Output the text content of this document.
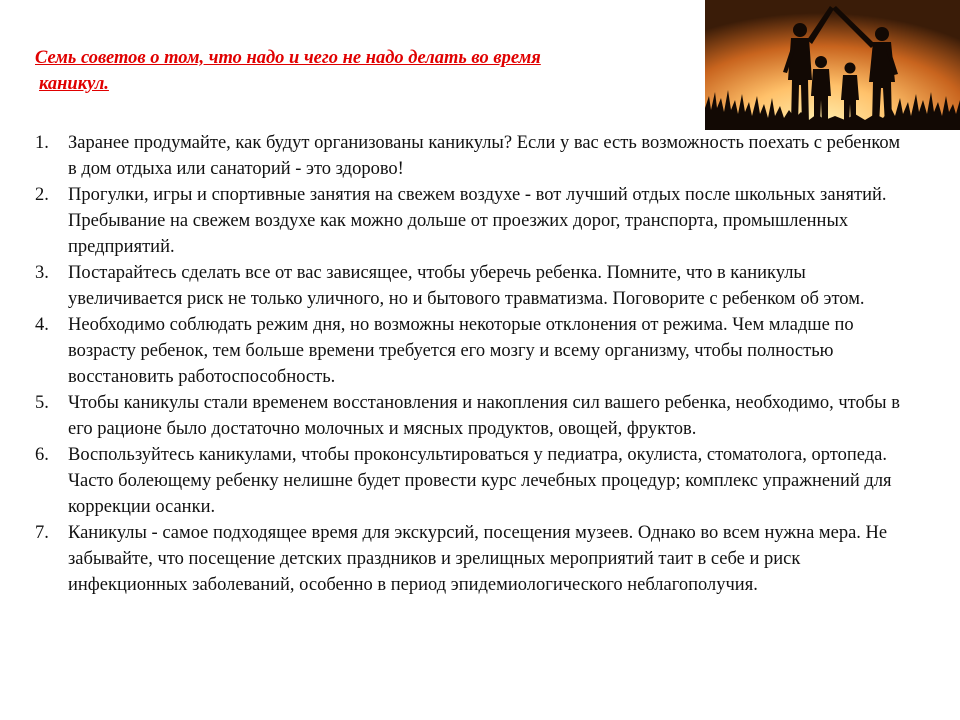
Семь советов о том, что надо и чего не надо делать во время
каникул.
1.	Заранее продумайте, как будут организованы каникулы? Если у вас есть возможность поехать с ребенком в дом отдыха или санаторий - это здорово!
2.	Прогулки, игры и спортивные занятия на свежем воздухе - вот лучший отдых после школьных занятий. Пребывание на свежем воздухе как можно дольше от проезжих дорог, транспорта, промышленных предприятий.
3.	Постарайтесь сделать все от вас зависящее, чтобы уберечь ребенка. Помните, что в каникулы увеличивается риск не только уличного, но и бытового травматизма. Поговорите с ребенком об этом.
4.	Необходимо соблюдать режим дня, но возможны некоторые отклонения от режима. Чем младше по возрасту ребенок, тем больше времени требуется его мозгу и всему организму, чтобы полностью восстановить работоспособность.
5.	Чтобы каникулы стали временем восстановления и накопления сил вашего ребенка, необходимо, чтобы в его рационе было достаточно молочных и мясных продуктов, овощей, фруктов.
6.	Воспользуйтесь каникулами, чтобы проконсультироваться у педиатра, окулиста, стоматолога, ортопеда. Часто болеющему ребенку нелишне будет провести курс лечебных процедур; комплекс упражнений для коррекции осанки.
7.	Каникулы - самое подходящее время для экскурсий, посещения музеев. Однако во всем нужна мера. Не забывайте, что посещение детских праздников и зрелищных мероприятий таит в себе и риск инфекционных заболеваний, особенно в период эпидемиологического неблагополучия.
